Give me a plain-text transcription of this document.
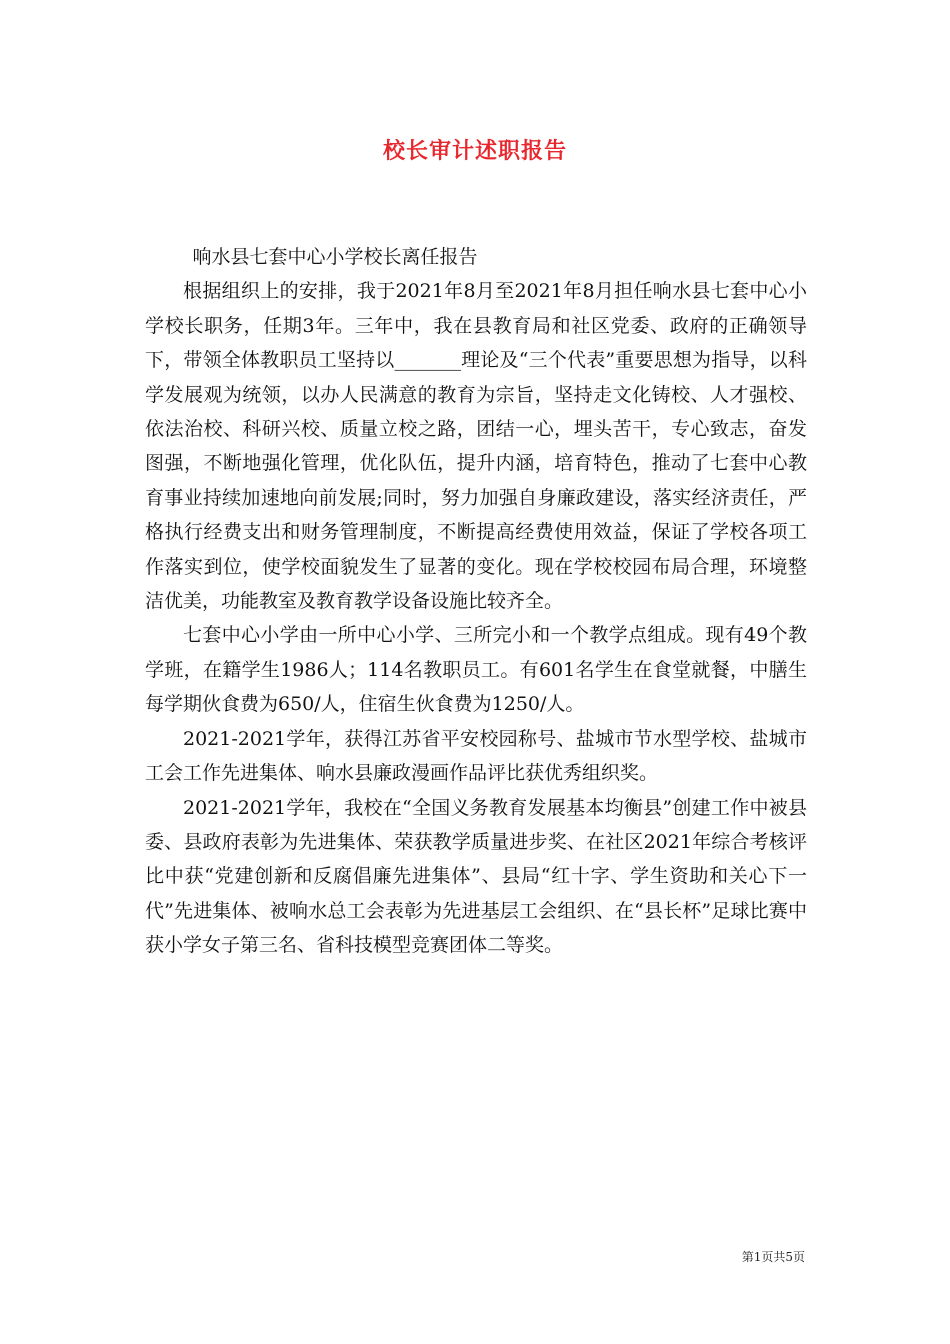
校长审计述职报告

响水县七套中心小学校长离任报告

根据组织上的安排，我于2021年8月至2021年8月担任响水县七套中心小学校长职务，任期3年。三年中，我在县教育局和社区党委、政府的正确领导下，带领全体教职员工坚持以_______理论及“三个代表”重要思想为指导，以科学发展观为统领，以办人民满意的教育为宗旨，坚持走文化铸校、人才强校、依法治校、科研兴校、质量立校之路，团结一心，埋头苦干，专心致志，奋发图强，不断地强化管理，优化队伍，提升内涵，培育特色，推动了七套中心教育事业持续加速地向前发展;同时，努力加强自身廉政建设，落实经济责任，严格执行经费支出和财务管理制度，不断提高经费使用效益，保证了学校各项工作落实到位，使学校面貌发生了显著的变化。现在学校校园布局合理，环境整洁优美，功能教室及教育教学设备设施比较齐全。

七套中心小学由一所中心小学、三所完小和一个教学点组成。现有49个教学班，在籍学生1986人；114名教职员工。有601名学生在食堂就餐，中膳生每学期伙食费为650/人，住宿生伙食费为1250/人。

2021-2021学年，获得江苏省平安校园称号、盐城市节水型学校、盐城市工会工作先进集体、响水县廉政漫画作品评比获优秀组织奖。

2021-2021学年，我校在“全国义务教育发展基本均衡县”创建工作中被县委、县政府表彰为先进集体、荣获教学质量进步奖、在社区2021年综合考核评比中获“党建创新和反腐倡廉先进集体”、县局“红十字、学生资助和关心下一代”先进集体、被响水总工会表彰为先进基层工会组织、在“县长杯”足球比赛中获小学女子第三名、省科技模型竞赛团体二等奖。

第1页共5页
